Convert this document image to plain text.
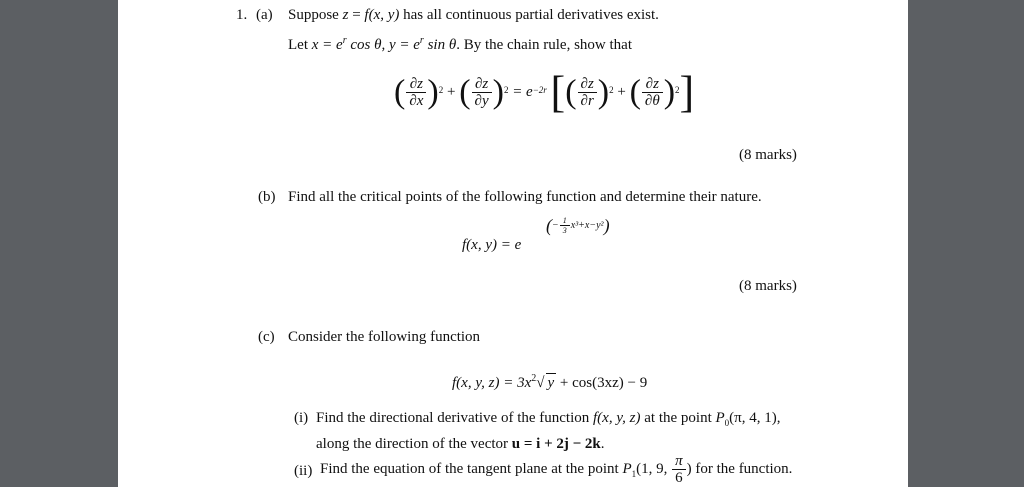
1. (a) Suppose z = f(x, y) has all continuous partial derivatives exist.
Let $x = e^r$ cos θ, $y = e^r$ sin θ. By the chain rule, show that
( $\frac{\partial z}{\partial x} )^2$ + ( $\frac{\partial z}{\partial y} )^2 = e^{-2r}$ [( $\frac{\partial z}{\partial r} )^2$ + ( $\frac{\partial z}{\partial\theta} )^2$]
(8 marks)
(b) Find all the critical points of the following function and determine their nature.
f(x, y) = e
(− $\frac{1}{3} x^3+x-y^2$)
(8 marks)
(c) Consider the following function
f(x, y, $z) = 3x^2√$ y + cos(3xz) − 9
(i) Find the directional derivative of the function f(x, y, z) at the point $P_0(\pi$, 4, 1),
along the direction of the vector u = i + 2j − 2k.
(ii) Find the equation of the tangent plane at the point $P_1(1$, 9, $\frac{\pi}{6}$ ) for the function.
